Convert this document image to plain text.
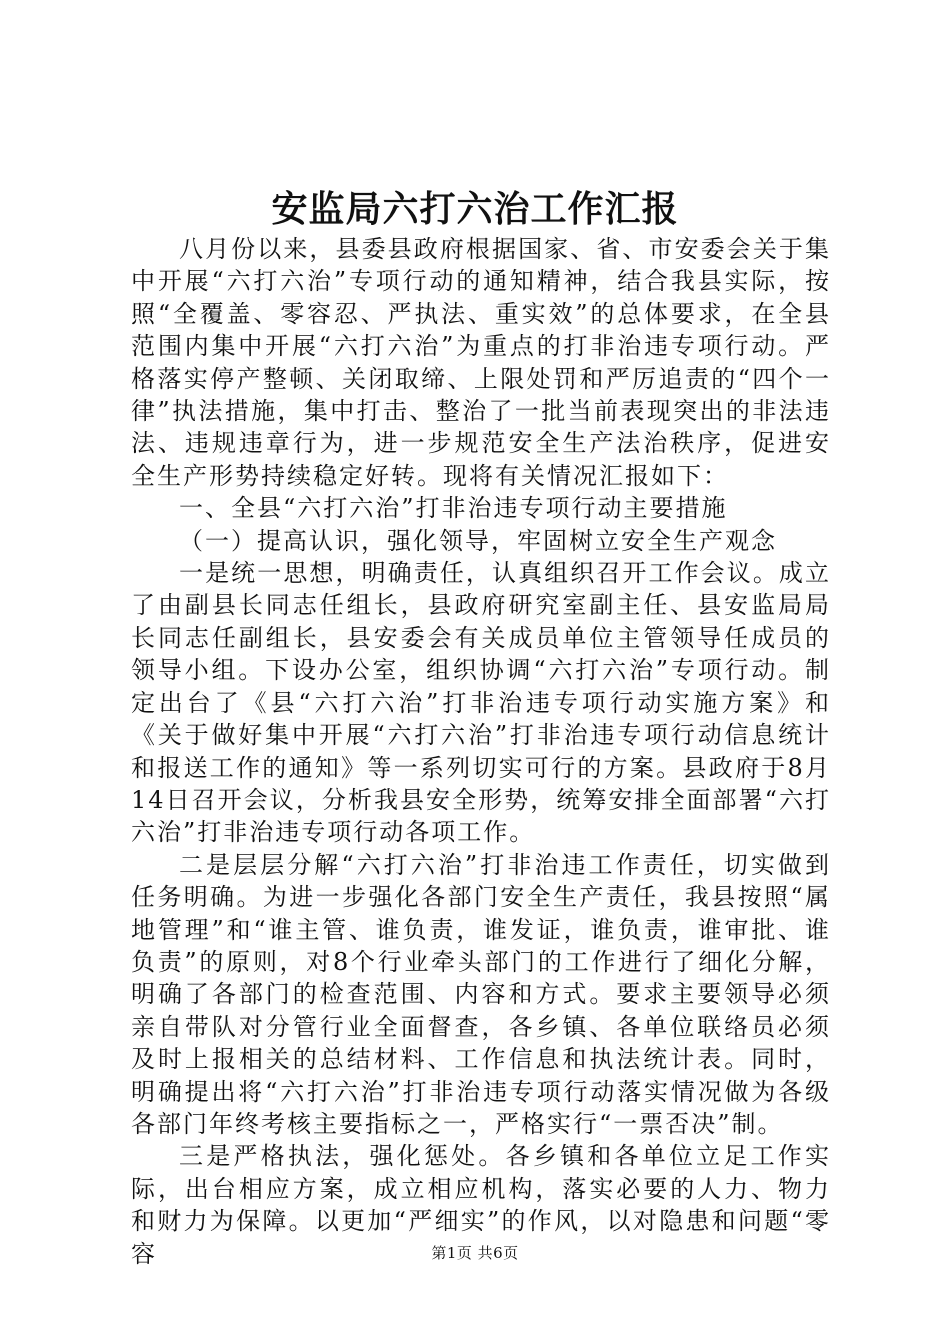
安监局六打六治工作汇报

八月份以来，县委县政府根据国家、省、市安委会关于集中开展“六打六治”专项行动的通知精神，结合我县实际，按照“全覆盖、零容忍、严执法、重实效”的总体要求，在全县范围内集中开展“六打六治”为重点的打非治违专项行动。严格落实停产整顿、关闭取缔、上限处罚和严厉追责的“四个一律”执法措施，集中打击、整治了一批当前表现突出的非法违法、违规违章行为，进一步规范安全生产法治秩序，促进安全生产形势持续稳定好转。现将有关情况汇报如下：

一、全县“六打六治”打非治违专项行动主要措施

（一）提高认识，强化领导，牢固树立安全生产观念

一是统一思想，明确责任，认真组织召开工作会议。成立了由副县长同志任组长，县政府研究室副主任、县安监局局长同志任副组长，县安委会有关成员单位主管领导任成员的领导小组。下设办公室，组织协调“六打六治”专项行动。制定出台了《县“六打六治”打非治违专项行动实施方案》和《关于做好集中开展“六打六治”打非治违专项行动信息统计和报送工作的通知》等一系列切实可行的方案。县政府于8月14日召开会议，分析我县安全形势，统筹安排全面部署“六打六治”打非治违专项行动各项工作。

二是层层分解“六打六治”打非治违工作责任，切实做到任务明确。为进一步强化各部门安全生产责任，我县按照“属地管理”和“谁主管、谁负责，谁发证，谁负责，谁审批、谁负责”的原则，对8个行业牵头部门的工作进行了细化分解，明确了各部门的检查范围、内容和方式。要求主要领导必须亲自带队对分管行业全面督查，各乡镇、各单位联络员必须及时上报相关的总结材料、工作信息和执法统计表。同时，明确提出将“六打六治”打非治违专项行动落实情况做为各级各部门年终考核主要指标之一，严格实行“一票否决”制。

三是严格执法，强化惩处。各乡镇和各单位立足工作实际，出台相应方案，成立相应机构，落实必要的人力、物力和财力为保障。以更加“严细实”的作风，以对隐患和问题“零容	第1页 共6页
